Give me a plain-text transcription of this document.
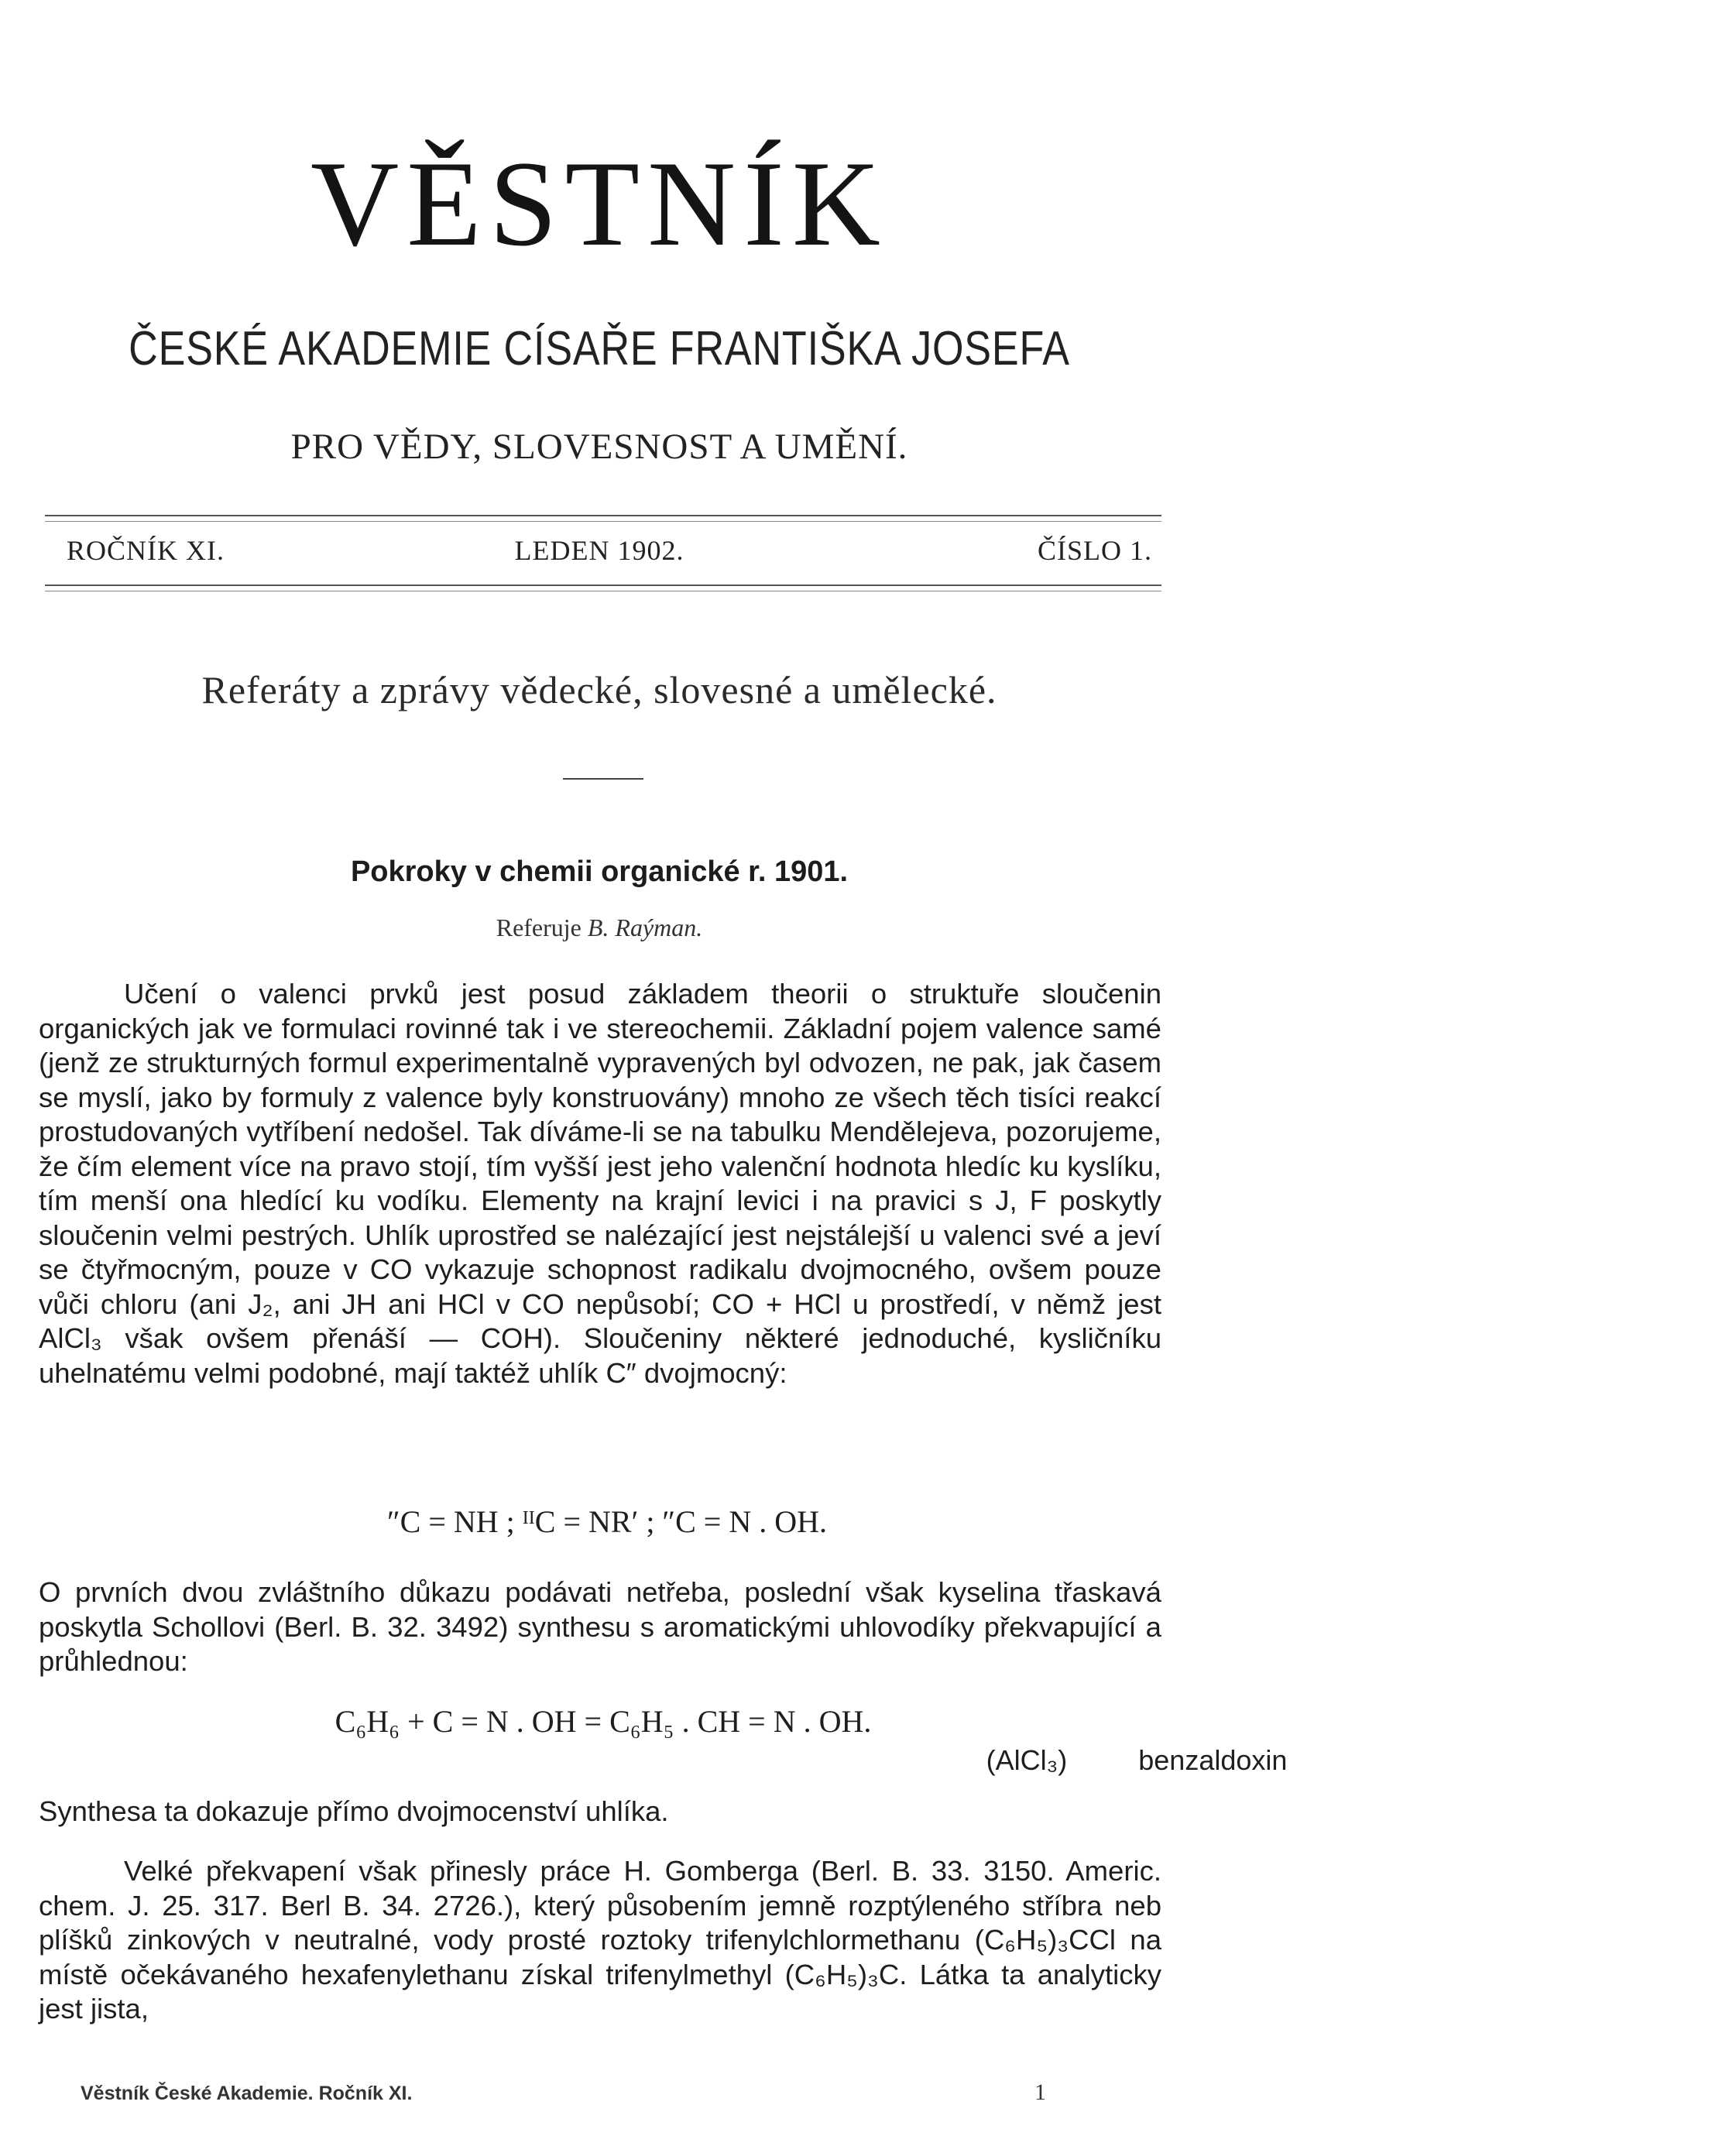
VĚSTNÍK
ČESKÉ AKADEMIE CÍSAŘE FRANTIŠKA JOSEFA
PRO VĚDY, SLOVESNOST A UMĚNÍ.
ROČNÍK XI.	LEDEN 1902.	ČÍSLO 1.
Referáty a zprávy vědecké, slovesné a umělecké.
Pokroky v chemii organické r. 1901.
Referuje B. Raýman.
Učení o valenci prvků jest posud základem theorii o struktuře sloučenin organických jak ve formulaci rovinné tak i ve stereochemii. Základní pojem valence samé (jenž ze strukturných formul experimentalně vypravených byl odvozen, ne pak, jak časem se myslí, jako by formuly z valence byly konstruovány) mnoho ze všech těch tisíci reakcí prostudovaných vytříbení nedošel. Tak díváme-li se na tabulku Mendělejeva, pozorujeme, že čím element více na pravo stojí, tím vyšší jest jeho valenční hodnota hledíc ku kyslíku, tím menší ona hledící ku vodíku. Elementy na krajní levici i na pravici s J, F poskytly sloučenin velmi pestrých. Uhlík uprostřed se nalézající jest nejstálejší u valenci své a jeví se čtyřmocným, pouze v CO vykazuje schopnost radikalu dvojmocného, ovšem pouze vůči chloru (ani J₂, ani JH ani HCl v CO nepůsobí; CO + HCl u prostředí, v němž jest AlCl₃ však ovšem přenáší — COH). Sloučeniny některé jednoduché, kysličníku uhelnatému velmi podobné, mají taktéž uhlík C″ dvojmocný:
″C = NH ; ᴵᴵC = NR′ ; ″C = N . OH.
O prvních dvou zvláštního důkazu podávati netřeba, poslední však kyselina třaskavá poskytla Schollovi (Berl. B. 32. 3492) synthesu s aromatickými uhlovodíky překvapující a průhlednou:
C₆H₆ + C = N . OH = C₆H₅ . CH = N . OH.
(AlCl₃)	benzaldoxin
Synthesa ta dokazuje přímo dvojmocenství uhlíka.
Velké překvapení však přinesly práce H. Gomberga (Berl. B. 33. 3150. Americ. chem. J. 25. 317. Berl B. 34. 2726.), který působením jemně rozptýleného stříbra neb plíšků zinkových v neutralné, vody prosté roztoky trifenylchlormethanu (C₆H₅)₃CCl na místě očekávaného hexafenylethanu získal trifenylmethyl (C₆H₅)₃C. Látka ta analyticky jest jista,
Věstník České Akademie. Ročník XI.	1
